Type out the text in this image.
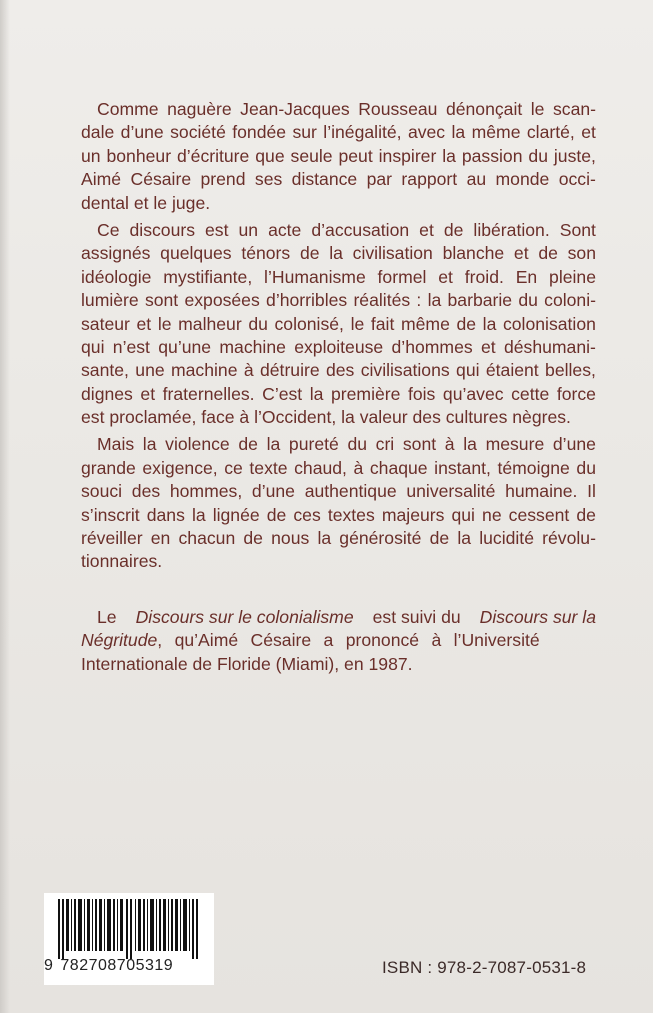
Comme naguère Jean-Jacques Rousseau dénonçait le scan-
dale d’une société fondée sur l’inégalité, avec la même clarté, et
un bonheur d’écriture que seule peut inspirer la passion du juste,
Aimé Césaire prend ses distance par rapport au monde occi-
dental et le juge.
Ce discours est un acte d’accusation et de libération. Sont
assignés quelques ténors de la civilisation blanche et de son
idéologie mystifiante, l’Humanisme formel et froid. En pleine
lumière sont exposées d’horribles réalités : la barbarie du coloni-
sateur et le malheur du colonisé, le fait même de la colonisation
qui n’est qu’une machine exploiteuse d’hommes et déshumani-
sante, une machine à détruire des civilisations qui étaient belles,
dignes et fraternelles. C’est la première fois qu’avec cette force
est proclamée, face à l’Occident, la valeur des cultures nègres.
Mais la violence de la pureté du cri sont à la mesure d’une
grande exigence, ce texte chaud, à chaque instant, témoigne du
souci des hommes, d’une authentique universalité humaine. Il
s’inscrit dans la lignée de ces textes majeurs qui ne cessent de
réveiller en chacun de nous la générosité de la lucidité révolu-
tionnaires.
Le Discours sur le colonialisme est suivi du Discours sur la
Négritude , qu’Aimé Césaire a prononcé à l’Université
Internationale de Floride (Miami), en 1987.
9 782708705319	ISBN : 978-2-7087-0531-8
